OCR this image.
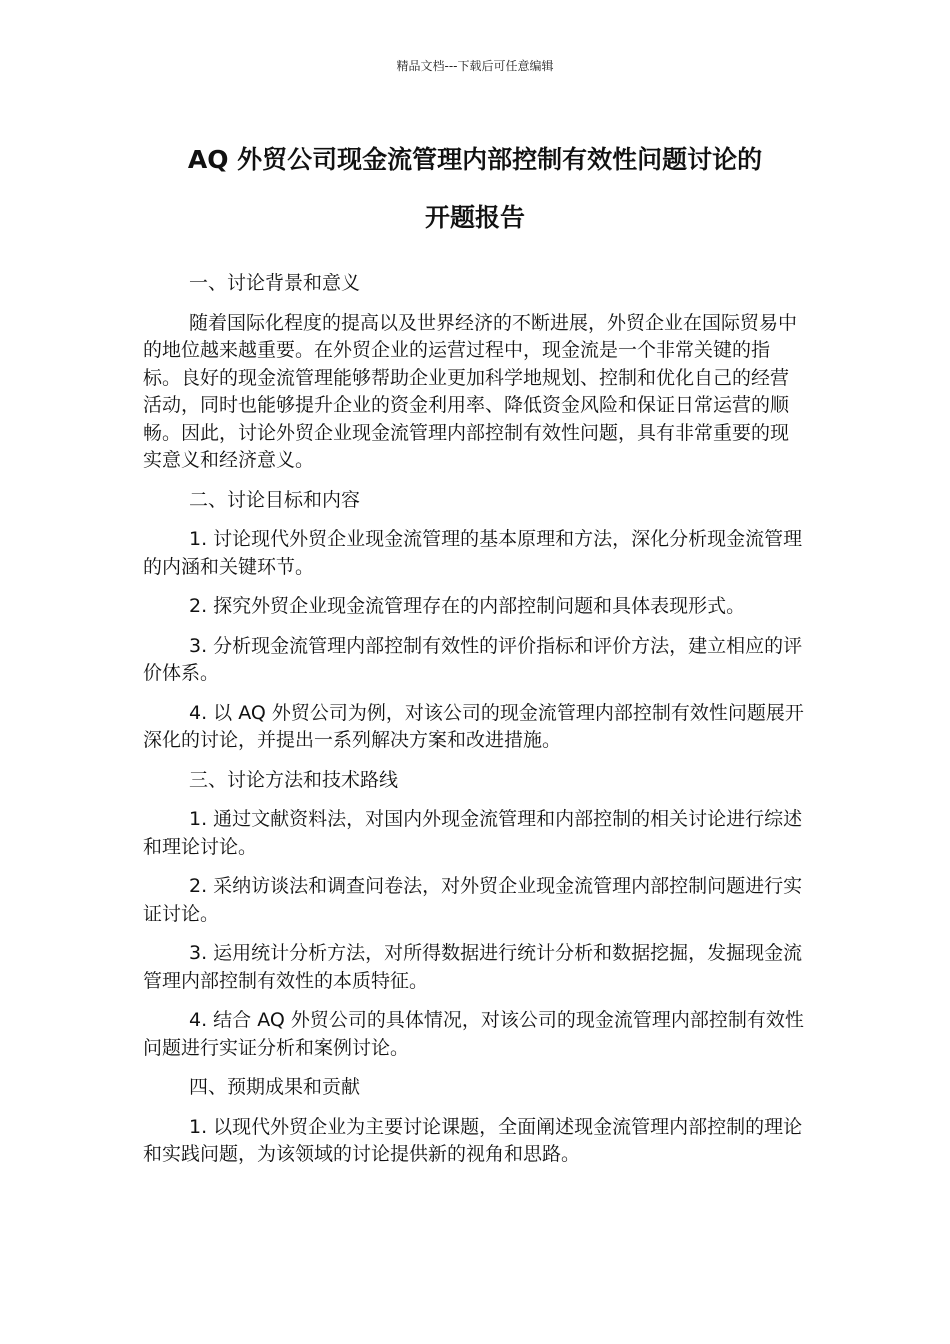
精品文档---下载后可任意编辑
AQ 外贸公司现金流管理内部控制有效性问题讨论的
开题报告
一、讨论背景和意义
随着国际化程度的提高以及世界经济的不断进展，外贸企业在国际贸易中的地位越来越重要。在外贸企业的运营过程中，现金流是一个非常关键的指标。良好的现金流管理能够帮助企业更加科学地规划、控制和优化自己的经营活动，同时也能够提升企业的资金利用率、降低资金风险和保证日常运营的顺畅。因此，讨论外贸企业现金流管理内部控制有效性问题，具有非常重要的现实意义和经济意义。
二、讨论目标和内容
1. 讨论现代外贸企业现金流管理的基本原理和方法，深化分析现金流管理的内涵和关键环节。
2. 探究外贸企业现金流管理存在的内部控制问题和具体表现形式。
3. 分析现金流管理内部控制有效性的评价指标和评价方法，建立相应的评价体系。
4. 以 AQ 外贸公司为例，对该公司的现金流管理内部控制有效性问题展开深化的讨论，并提出一系列解决方案和改进措施。
三、讨论方法和技术路线
1. 通过文献资料法，对国内外现金流管理和内部控制的相关讨论进行综述和理论讨论。
2. 采纳访谈法和调查问卷法，对外贸企业现金流管理内部控制问题进行实证讨论。
3. 运用统计分析方法，对所得数据进行统计分析和数据挖掘，发掘现金流管理内部控制有效性的本质特征。
4. 结合 AQ 外贸公司的具体情况，对该公司的现金流管理内部控制有效性问题进行实证分析和案例讨论。
四、预期成果和贡献
1. 以现代外贸企业为主要讨论课题，全面阐述现金流管理内部控制的理论和实践问题，为该领域的讨论提供新的视角和思路。
